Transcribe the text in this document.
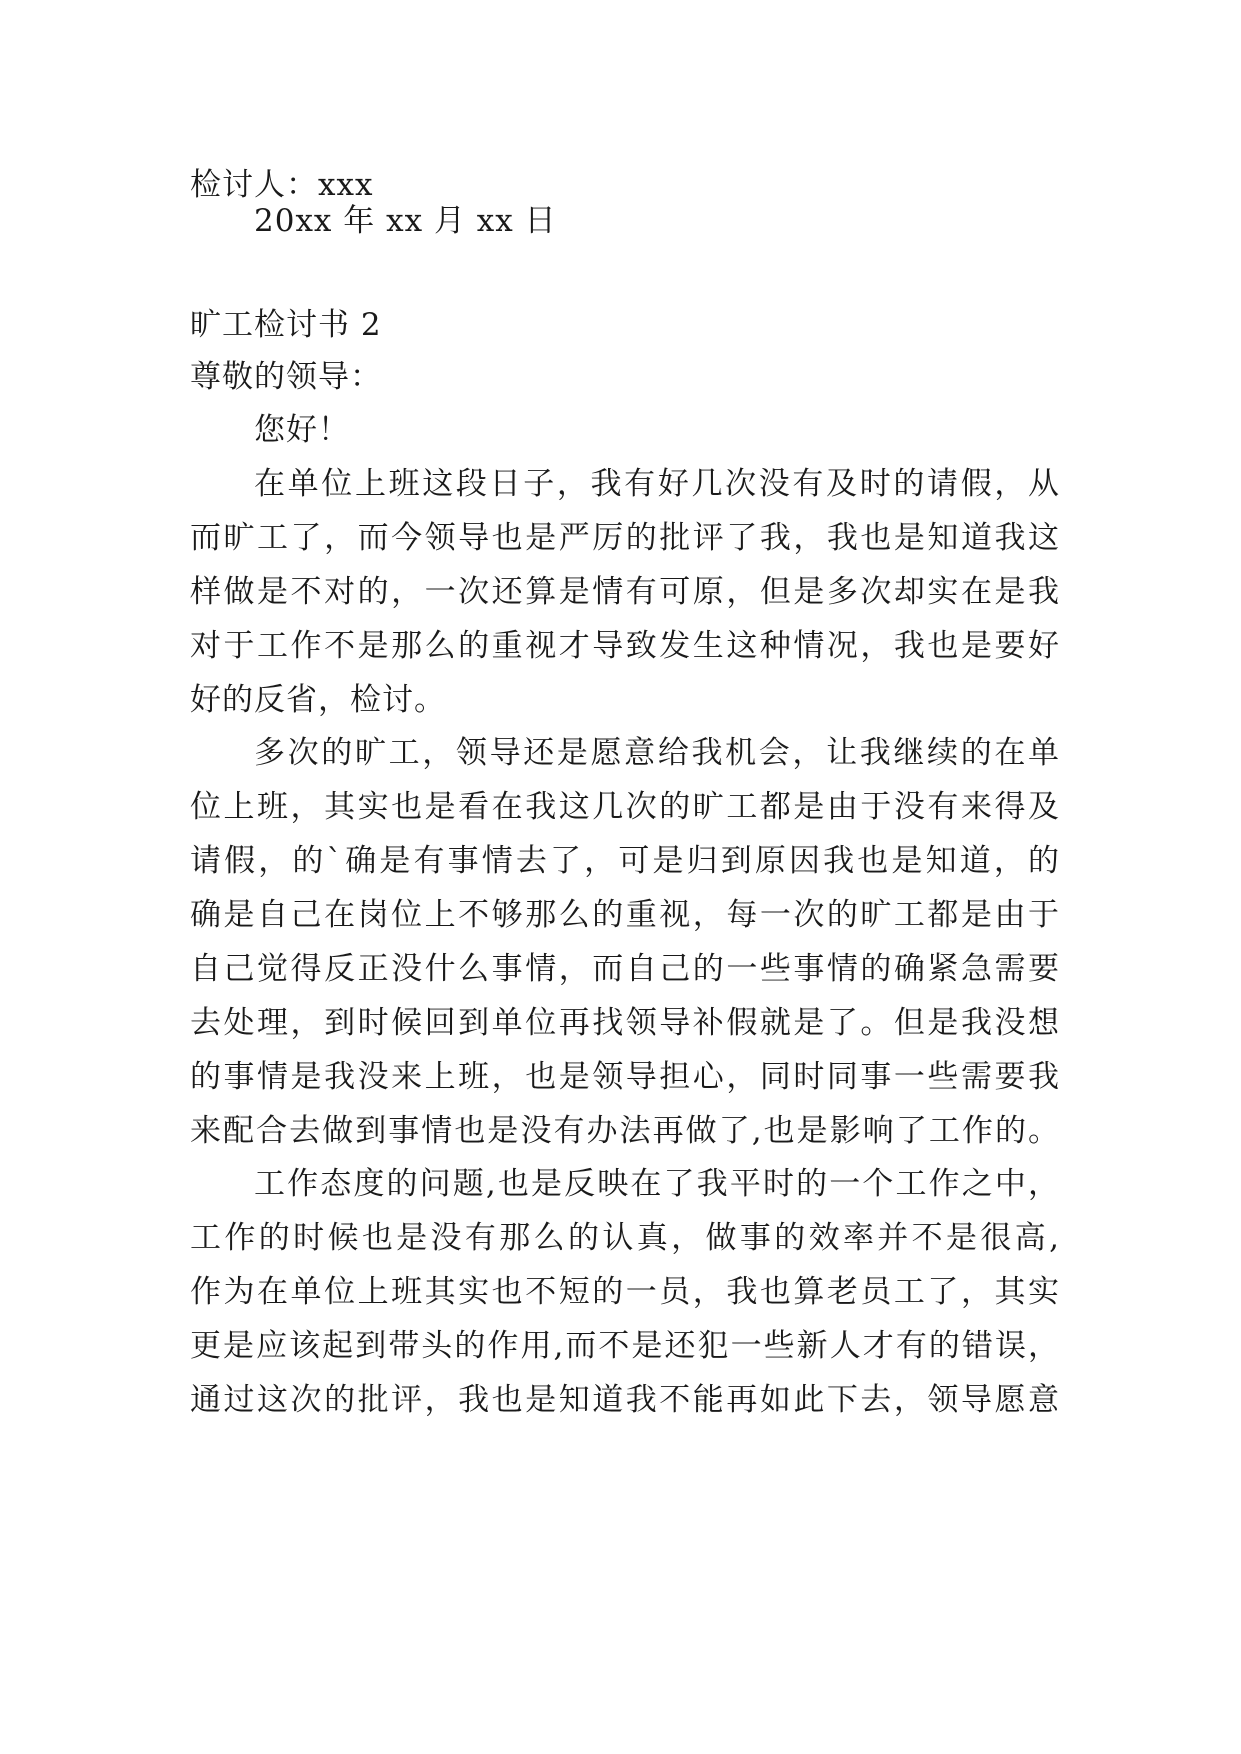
检讨人：xxx
20xx 年 xx 月 xx 日
旷工检讨书 2
尊敬的领导：
您好！
在单位上班这段日子，我有好几次没有及时的请假，从
而旷工了，而今领导也是严厉的批评了我，我也是知道我这
样做是不对的，一次还算是情有可原，但是多次却实在是我
对于工作不是那么的重视才导致发生这种情况，我也是要好
好的反省，检讨。
多次的旷工，领导还是愿意给我机会，让我继续的在单
位上班，其实也是看在我这几次的旷工都是由于没有来得及
请假，的`确是有事情去了，可是归到原因我也是知道，的
确是自己在岗位上不够那么的重视，每一次的旷工都是由于
自己觉得反正没什么事情，而自己的一些事情的确紧急需要
去处理，到时候回到单位再找领导补假就是了。但是我没想
的事情是我没来上班，也是领导担心，同时同事一些需要我
来配合去做到事情也是没有办法再做了,也是影响了工作的。
工作态度的问题,也是反映在了我平时的一个工作之中，
工作的时候也是没有那么的认真，做事的效率并不是很高,
作为在单位上班其实也不短的一员，我也算老员工了，其实
更是应该起到带头的作用,而不是还犯一些新人才有的错误，
通过这次的批评，我也是知道我不能再如此下去，领导愿意
